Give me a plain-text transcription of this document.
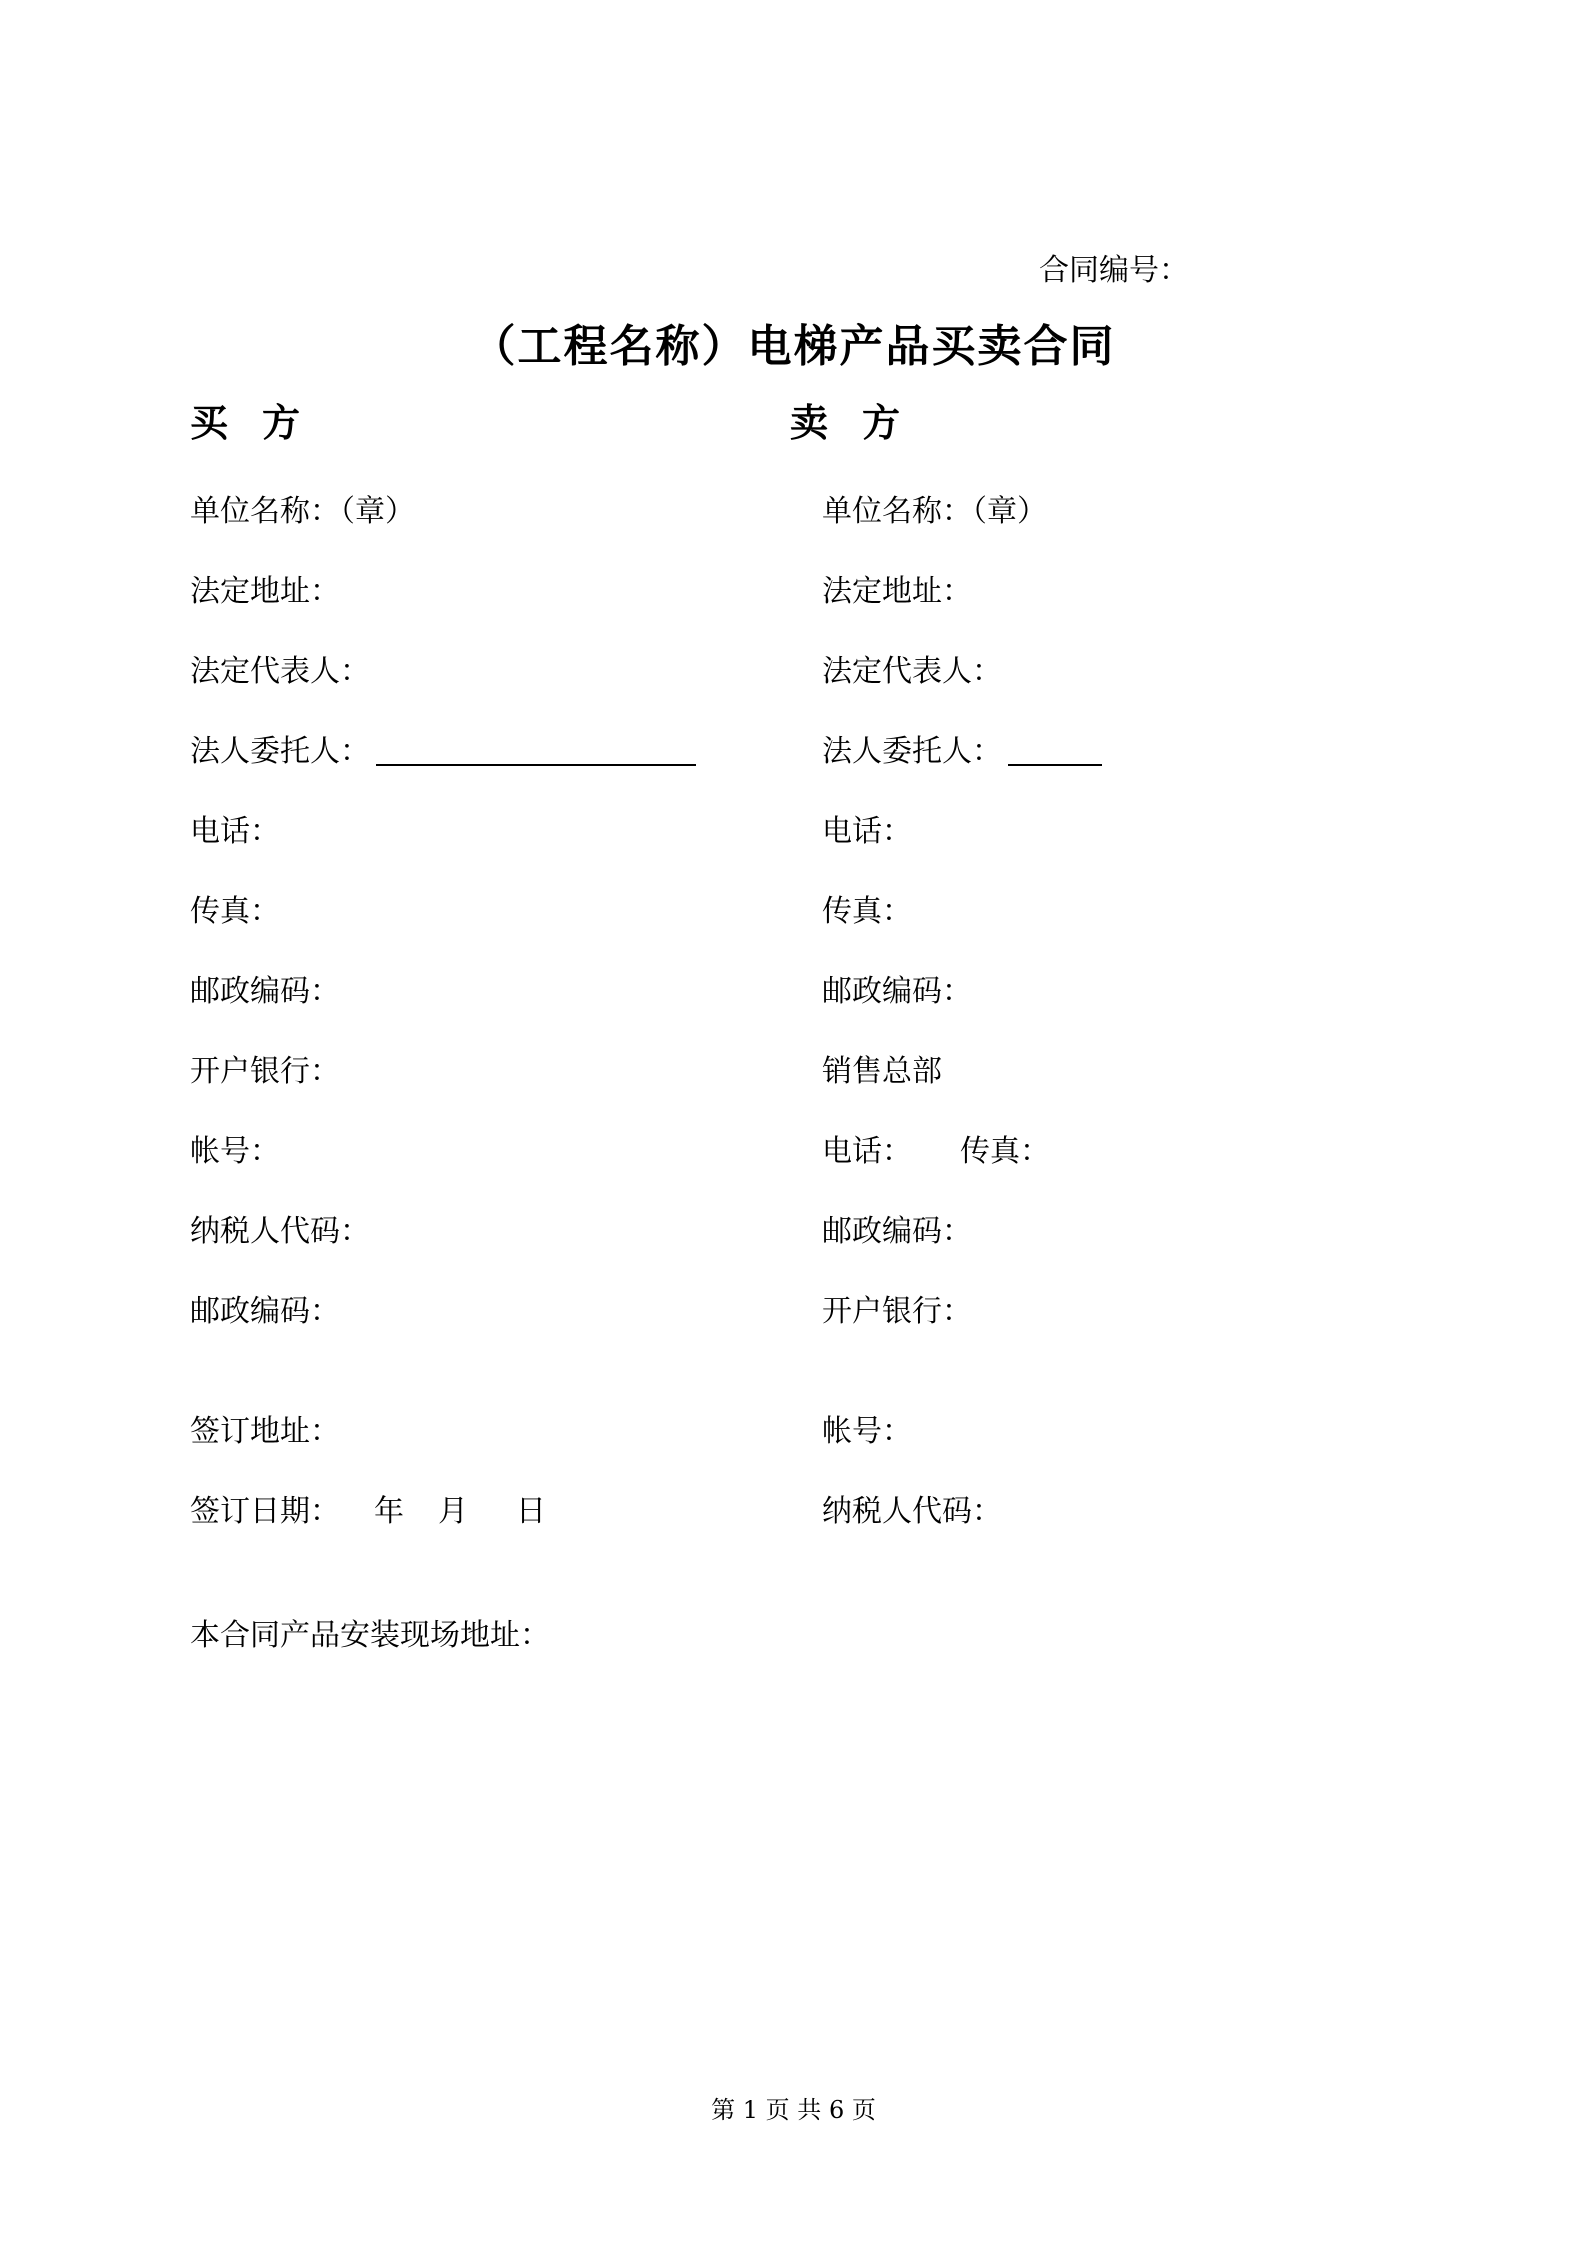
合同编号：
（工程名称）电梯产品买卖合同
买方	卖方
单位名称：（章）
法定地址：
法定代表人：
法人委托人：
电话：
传真：
邮政编码：
开户银行：
帐号：
纳税人代码：
邮政编码：
签订地址：
签订日期： 年 月 日
单位名称：（章）
法定地址：
法定代表人：
法人委托人：
电话：
传真：
邮政编码：
销售总部
电话： 传真：
邮政编码：
开户银行：
帐号：
纳税人代码：
本合同产品安装现场地址：
第 1 页 共 6 页
